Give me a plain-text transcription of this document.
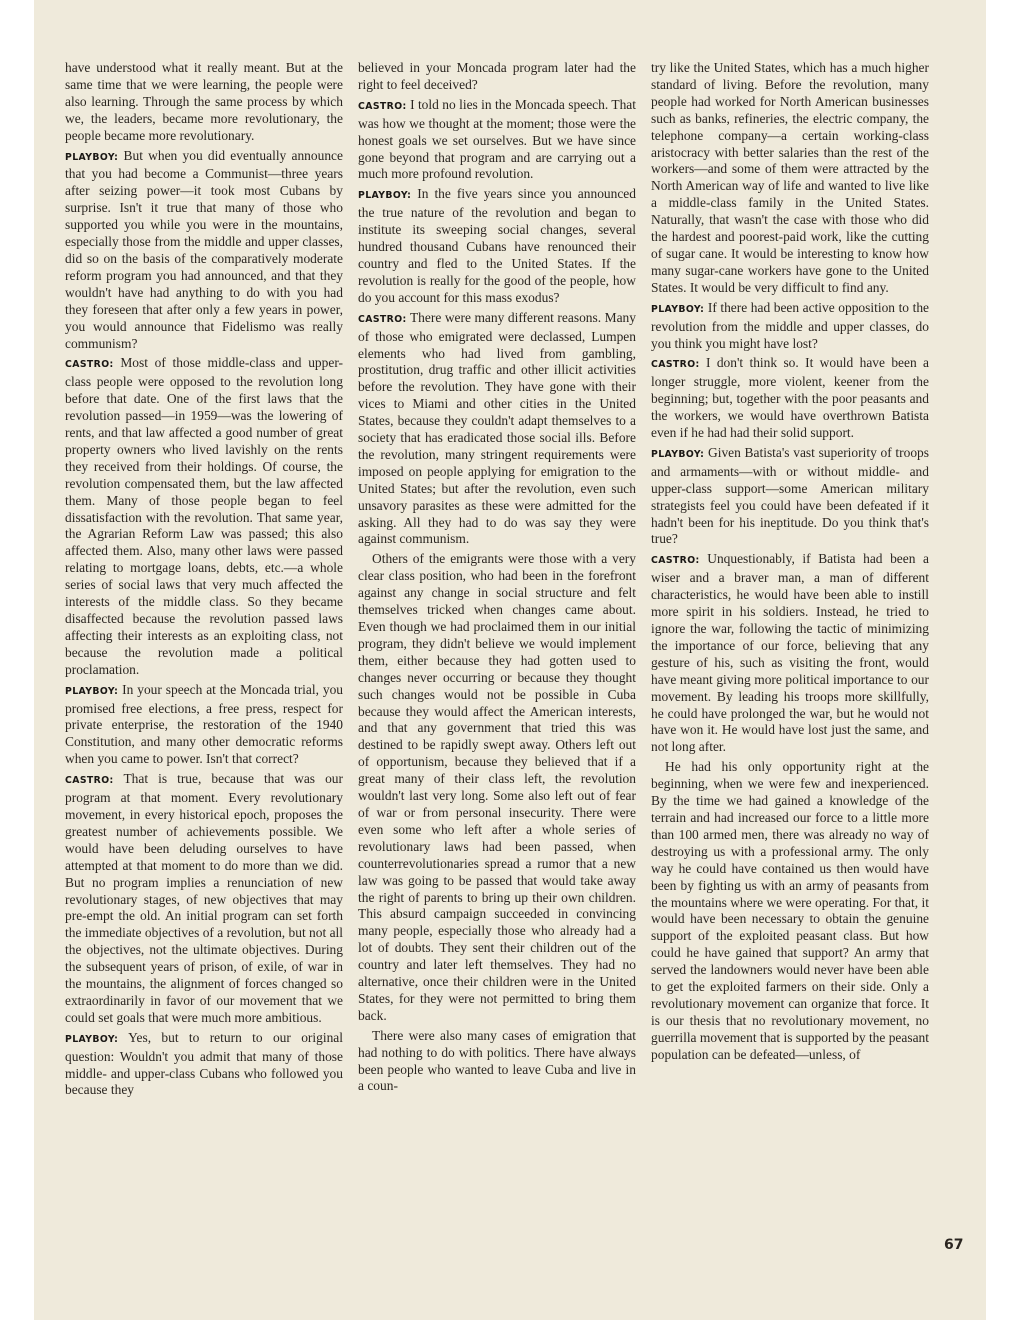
have understood what it really meant. But at the same time that we were learning, the people were also learning. Through the same process by which we, the leaders, became more revolutionary, the people became more revolutionary.

PLAYBOY: But when you did eventually announce that you had become a Communist—three years after seizing power—it took most Cubans by surprise. Isn't it true that many of those who supported you while you were in the mountains, especially those from the middle and upper classes, did so on the basis of the comparatively moderate reform program you had announced, and that they wouldn't have had anything to do with you had they foreseen that after only a few years in power, you would announce that Fidelismo was really communism?

CASTRO: Most of those middle-class and upper-class people were opposed to the revolution long before that date. One of the first laws that the revolution passed—in 1959—was the lowering of rents, and that law affected a good number of great property owners who lived lavishly on the rents they received from their holdings. Of course, the revolution compensated them, but the law affected them. Many of those people began to feel dissatisfaction with the revolution. That same year, the Agrarian Reform Law was passed; this also affected them. Also, many other laws were passed relating to mortgage loans, debts, etc.—a whole series of social laws that very much affected the interests of the middle class. So they became disaffected because the revolution passed laws affecting their interests as an exploiting class, not because the revolution made a political proclamation.

PLAYBOY: In your speech at the Moncada trial, you promised free elections, a free press, respect for private enterprise, the restoration of the 1940 Constitution, and many other democratic reforms when you came to power. Isn't that correct?

CASTRO: That is true, because that was our program at that moment. Every revolutionary movement, in every historical epoch, proposes the greatest number of achievements possible. We would have been deluding ourselves to have attempted at that moment to do more than we did. But no program implies a renunciation of new revolutionary stages, of new objectives that may pre-empt the old. An initial program can set forth the immediate objectives of a revolution, but not all the objectives, not the ultimate objectives. During the subsequent years of prison, of exile, of war in the mountains, the alignment of forces changed so extraordinarily in favor of our movement that we could set goals that were much more ambitious.

PLAYBOY: Yes, but to return to our original question: Wouldn't you admit that many of those middle- and upper-class Cubans who followed you because they

believed in your Moncada program later had the right to feel deceived?

CASTRO: I told no lies in the Moncada speech. That was how we thought at the moment; those were the honest goals we set ourselves. But we have since gone beyond that program and are carrying out a much more profound revolution.

PLAYBOY: In the five years since you announced the true nature of the revolution and began to institute its sweeping social changes, several hundred thousand Cubans have renounced their country and fled to the United States. If the revolution is really for the good of the people, how do you account for this mass exodus?

CASTRO: There were many different reasons. Many of those who emigrated were declassed, Lumpen elements who had lived from gambling, prostitution, drug traffic and other illicit activities before the revolution. They have gone with their vices to Miami and other cities in the United States, because they couldn't adapt themselves to a society that has eradicated those social ills. Before the revolution, many stringent requirements were imposed on people applying for emigration to the United States; but after the revolution, even such unsavory parasites as these were admitted for the asking. All they had to do was say they were against communism.

Others of the emigrants were those with a very clear class position, who had been in the forefront against any change in social structure and felt themselves tricked when changes came about. Even though we had proclaimed them in our initial program, they didn't believe we would implement them, either because they had gotten used to changes never occurring or because they thought such changes would not be possible in Cuba because they would affect the American interests, and that any government that tried this was destined to be rapidly swept away. Others left out of opportunism, because they believed that if a great many of their class left, the revolution wouldn't last very long. Some also left out of fear of war or from personal insecurity. There were even some who left after a whole series of revolutionary laws had been passed, when counterrevolutionaries spread a rumor that a new law was going to be passed that would take away the right of parents to bring up their own children. This absurd campaign succeeded in convincing many people, especially those who already had a lot of doubts. They sent their children out of the country and later left themselves. They had no alternative, once their children were in the United States, for they were not permitted to bring them back.

There were also many cases of emigration that had nothing to do with politics. There have always been people who wanted to leave Cuba and live in a coun-

try like the United States, which has a much higher standard of living. Before the revolution, many people had worked for North American businesses such as banks, refineries, the electric company, the telephone company—a certain working-class aristocracy with better salaries than the rest of the workers—and some of them were attracted by the North American way of life and wanted to live like a middle-class family in the United States. Naturally, that wasn't the case with those who did the hardest and poorest-paid work, like the cutting of sugar cane. It would be interesting to know how many sugar-cane workers have gone to the United States. It would be very difficult to find any.

PLAYBOY: If there had been active opposition to the revolution from the middle and upper classes, do you think you might have lost?

CASTRO: I don't think so. It would have been a longer struggle, more violent, keener from the beginning; but, together with the poor peasants and the workers, we would have overthrown Batista even if he had had their solid support.

PLAYBOY: Given Batista's vast superiority of troops and armaments—with or without middle- and upper-class support—some American military strategists feel you could have been defeated if it hadn't been for his ineptitude. Do you think that's true?

CASTRO: Unquestionably, if Batista had been a wiser and a braver man, a man of different characteristics, he would have been able to instill more spirit in his soldiers. Instead, he tried to ignore the war, following the tactic of minimizing the importance of our force, believing that any gesture of his, such as visiting the front, would have meant giving more political importance to our movement. By leading his troops more skillfully, he could have prolonged the war, but he would not have won it. He would have lost just the same, and not long after.

He had his only opportunity right at the beginning, when we were few and inexperienced. By the time we had gained a knowledge of the terrain and had increased our force to a little more than 100 armed men, there was already no way of destroying us with a professional army. The only way he could have contained us then would have been by fighting us with an army of peasants from the mountains where we were operating. For that, it would have been necessary to obtain the genuine support of the exploited peasant class. But how could he have gained that support? An army that served the landowners would never have been able to get the exploited farmers on their side. Only a revolutionary movement can organize that force. It is our thesis that no revolutionary movement, no guerrilla movement that is supported by the peasant population can be defeated—unless, of

67
